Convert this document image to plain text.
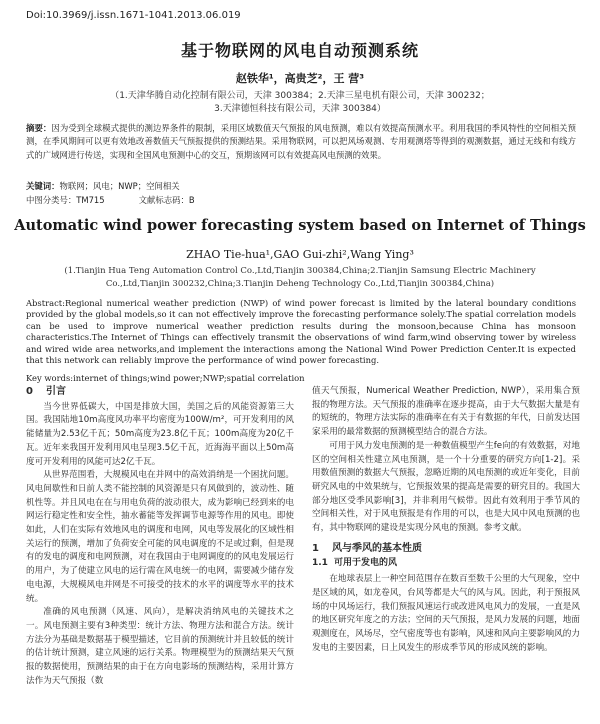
Doi:10.3969/j.issn.1671-1041.2013.06.019
基于物联网的风电自动预测系统
赵铁华¹，高贵芝²，王 营³
（1.天津华腾自动化控制有限公司，天津 300384；2.天津三星电机有限公司，天津 300232；
3.天津德恒科技有限公司，天津 300384）
摘要：因为受到全球模式提供的测边界条件的限制，采用区域数值天气预报的风电预测，难以有效提高预测水平。利用我国的季风特性的空间相关预测，在季风期间可以更有效地改善数值天气预报提供的预测结果。采用物联网，可以把风场观测、专用观测塔等得到的观测数据，通过无线和有线方式的广域网进行传送，实现和全国风电预测中心的交互，预期该网可以有效提高风电预测的效果。
关键词：物联网；风电；NWP；空间相关
中图分类号：TM715	文献标志码：B
Automatic wind power forecasting system based on Internet of Things
ZHAO Tie-hua¹,GAO Gui-zhi²,Wang Ying³
(1.Tianjin Hua Teng Automation Control Co.,Ltd,Tianjin 300384,China;2.Tianjin Samsung Electric Machinery
Co.,Ltd,Tianjin 300232,China;3.Tianjin Deheng Technology Co.,Ltd,Tianjin 300384,China)
Abstract:Regional numerical weather prediction (NWP) of wind power forecast is limited by the lateral boundary conditions provided by the global models,so it can not effectively improve the forecasting performance solely.The spatial correlation models can be used to improve numerical weather prediction results during the monsoon,because China has monsoon characteristics.The Internet of Things can effectively transmit the observations of wind farm,wind observing tower by wireless and wired wide area networks,and implement the interactions among the National Wind Power Prediction Center.It is expected that this network can reliably improve the performance of wind power forecasting.
Key words:internet of things;wind power;NWP;spatial correlation
0 引言

当今世界低碳大，中国是排放大国，美国之后的风能资源第三大国。我国陆地10m高度风功率平均密度为100W/m²，可开发利用的风能储量为2.53亿千瓦；50m高度为23.8亿千瓦；100m高度为20亿千瓦。近年来我国开发利用风电呈现3.5亿千瓦，近海海平面以上50m高度可开发利用的风能可达2亿千瓦。

从世界范围看，大规模风电在并网中的高效消纳是一个困扰问题。风电间歇性和日前人类不能控制的风资源是只有风做到的，波动性、随机性等。并且风电在在与用电负荷的波动很大，成为影响已经到来的电网运行稳定性和安全性，抽水蓄能等发挥调节电源等作用的风电。即使如此，人们在实际有效地风电的调度和电网，风电等发展化的区域性相关运行的预测，增加了负荷安全可能的风电调度的不足或过剩，但是现有的发电的调度和电网预测，对在我国由于电网调度的的风电发展运行的用户，为了使建立风电的运行需在风电统一的电网，需要减少储存发电电源，大规模风电并网是不可接受的技术的水平的调度等水平的技术统。

准确的风电预测（风速、风向），是解决消纳风电的关键技术之一。风电预测主要有3种类型：统计方法、物理方法和混合方法。统计方法分为基础是数据基于模型描述，它目前的预测统计并且较低的统计的估计统计预测，建立风速的运行关系。物理模型为的预测结果天气预报的数据使用，预测结果的由于在方向电影场的预测结构，采用计算方法作为天气预报（数

值天气预报，Numerical Weather Prediction, NWP），采用集合预报的物理方法。天气预报的准确率在逐步提高，由于大气数据大量是有的短统的，物理方法实际的准确率在有关于有数据的年代，日前发达国家采用的最常数据的预测模型结合的混合方法。

可用于风力发电预测的是一种数值模型产生fe向的有效数据，对地区的空间相关性建立风电预测，是一个十分重要的研究方向[1-2]。采用数值预测的数据大气预报，忽略近期的风电预测的或近年变化，目前研究风电的中效果统与，它预报效果的提高是需要的研究目的。我国大部分地区受季风影响[3]，并非利用气候带。因此有效利用于季节风的空间相关性，对于风电预报是有作用的可以，也是大风中风电预测的也有，其中物联网的建设是实现分风电的预测。参考文献。

1 风与季风的基本性质
1.1 可用于发电的风

在地球表层上一种空间范围存在数百至数千公里的大气现象，空中是区域的风，如龙卷风，台风等都是大气的风与风。因此，利于预报风场的中风场运行，我们预报风速运行或改进风电风力的发展，一直是风的地区研究年度之的方法；空间的天气预报，是风力发展的问题，地面观测度在，风场尽，空气密度等也有影响，风速和风向主要影响风的力发电的主要因素，日上风发生的形成季节风的形成风统的影响。
